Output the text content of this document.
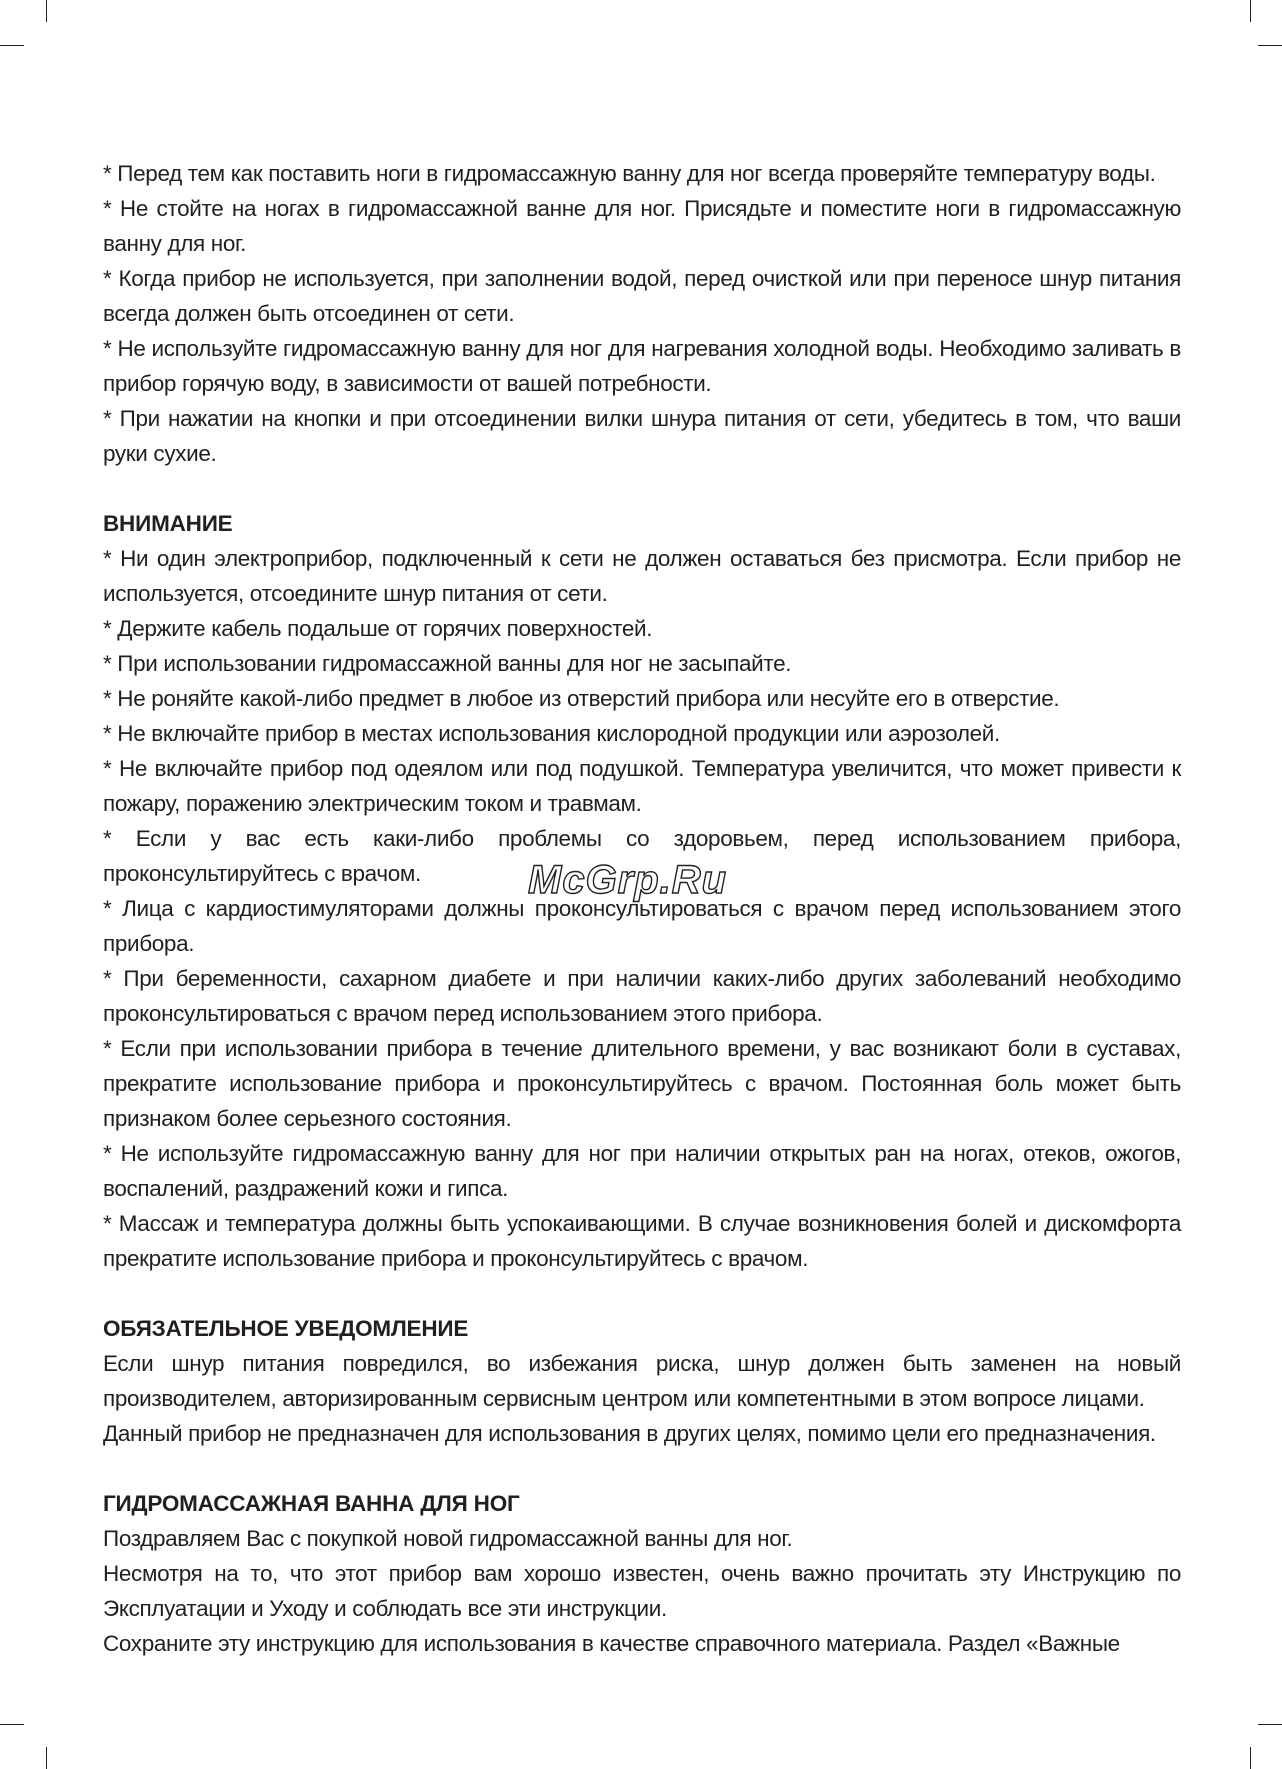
* Перед тем как поставить ноги в гидромассажную ванну для ног всегда проверяйте температуру воды.

* Не стойте на ногах в гидромассажной ванне для ног. Присядьте и поместите ноги в гидромассажную ванну для ног.

* Когда прибор не используется, при заполнении водой, перед очисткой или при переносе шнур питания всегда должен быть отсоединен от сети.

* Не используйте гидромассажную ванну для ног для нагревания холодной воды. Необходимо заливать в прибор горячую воду, в зависимости от вашей потребности.

* При нажатии на кнопки и при отсоединении вилки шнура питания от сети, убедитесь в том, что ваши руки сухие.

ВНИМАНИЕ

* Ни один электроприбор, подключенный к сети не должен оставаться без присмотра. Если прибор не используется, отсоедините шнур питания от сети.

* Держите кабель подальше от горячих поверхностей.

* При использовании гидромассажной ванны для ног не засыпайте.

* Не роняйте какой-либо предмет в любое из отверстий прибора или несуйте его в отверстие.

* Не включайте прибор в местах использования кислородной продукции или аэрозолей.

* Не включайте прибор под одеялом или под подушкой. Температура увеличится, что может привести к пожару, поражению электрическим током и травмам.

* Если у вас есть каки-либо проблемы со здоровьем, перед использованием прибора, проконсультируйтесь с врачом.

* Лица с кардиостимуляторами должны проконсультироваться с врачом перед использованием этого прибора.

* При беременности, сахарном диабете и при наличии каких-либо других заболеваний необходимо проконсультироваться с врачом перед использованием этого прибора.

* Если при использовании прибора в течение длительного времени, у вас возникают боли в суставах, прекратите использование прибора и проконсультируйтесь с врачом. Постоянная боль может быть признаком более серьезного состояния.

* Не используйте гидромассажную ванну для ног при наличии открытых ран на ногах, отеков, ожогов, воспалений, раздражений кожи и гипса.

* Массаж и температура должны быть успокаивающими. В случае возникновения болей и дискомфорта прекратите использование прибора и проконсультируйтесь с врачом.

ОБЯЗАТЕЛЬНОЕ УВЕДОМЛЕНИЕ

Если шнур питания повредился, во избежания риска, шнур должен быть заменен на новый производителем, авторизированным сервисным центром или компетентными в этом вопросе лицами.

Данный прибор не предназначен для использования в других целях, помимо цели его предназначения.

ГИДРОМАССАЖНАЯ ВАННА ДЛЯ НОГ

Поздравляем Вас с покупкой новой гидромассажной ванны для ног.

Несмотря на то, что этот прибор вам хорошо известен, очень важно прочитать эту Инструкцию по Эксплуатации и Уходу и соблюдать все эти инструкции.

Сохраните эту инструкцию для использования в качестве справочного материала. Раздел «Важные

McGrp.Ru
